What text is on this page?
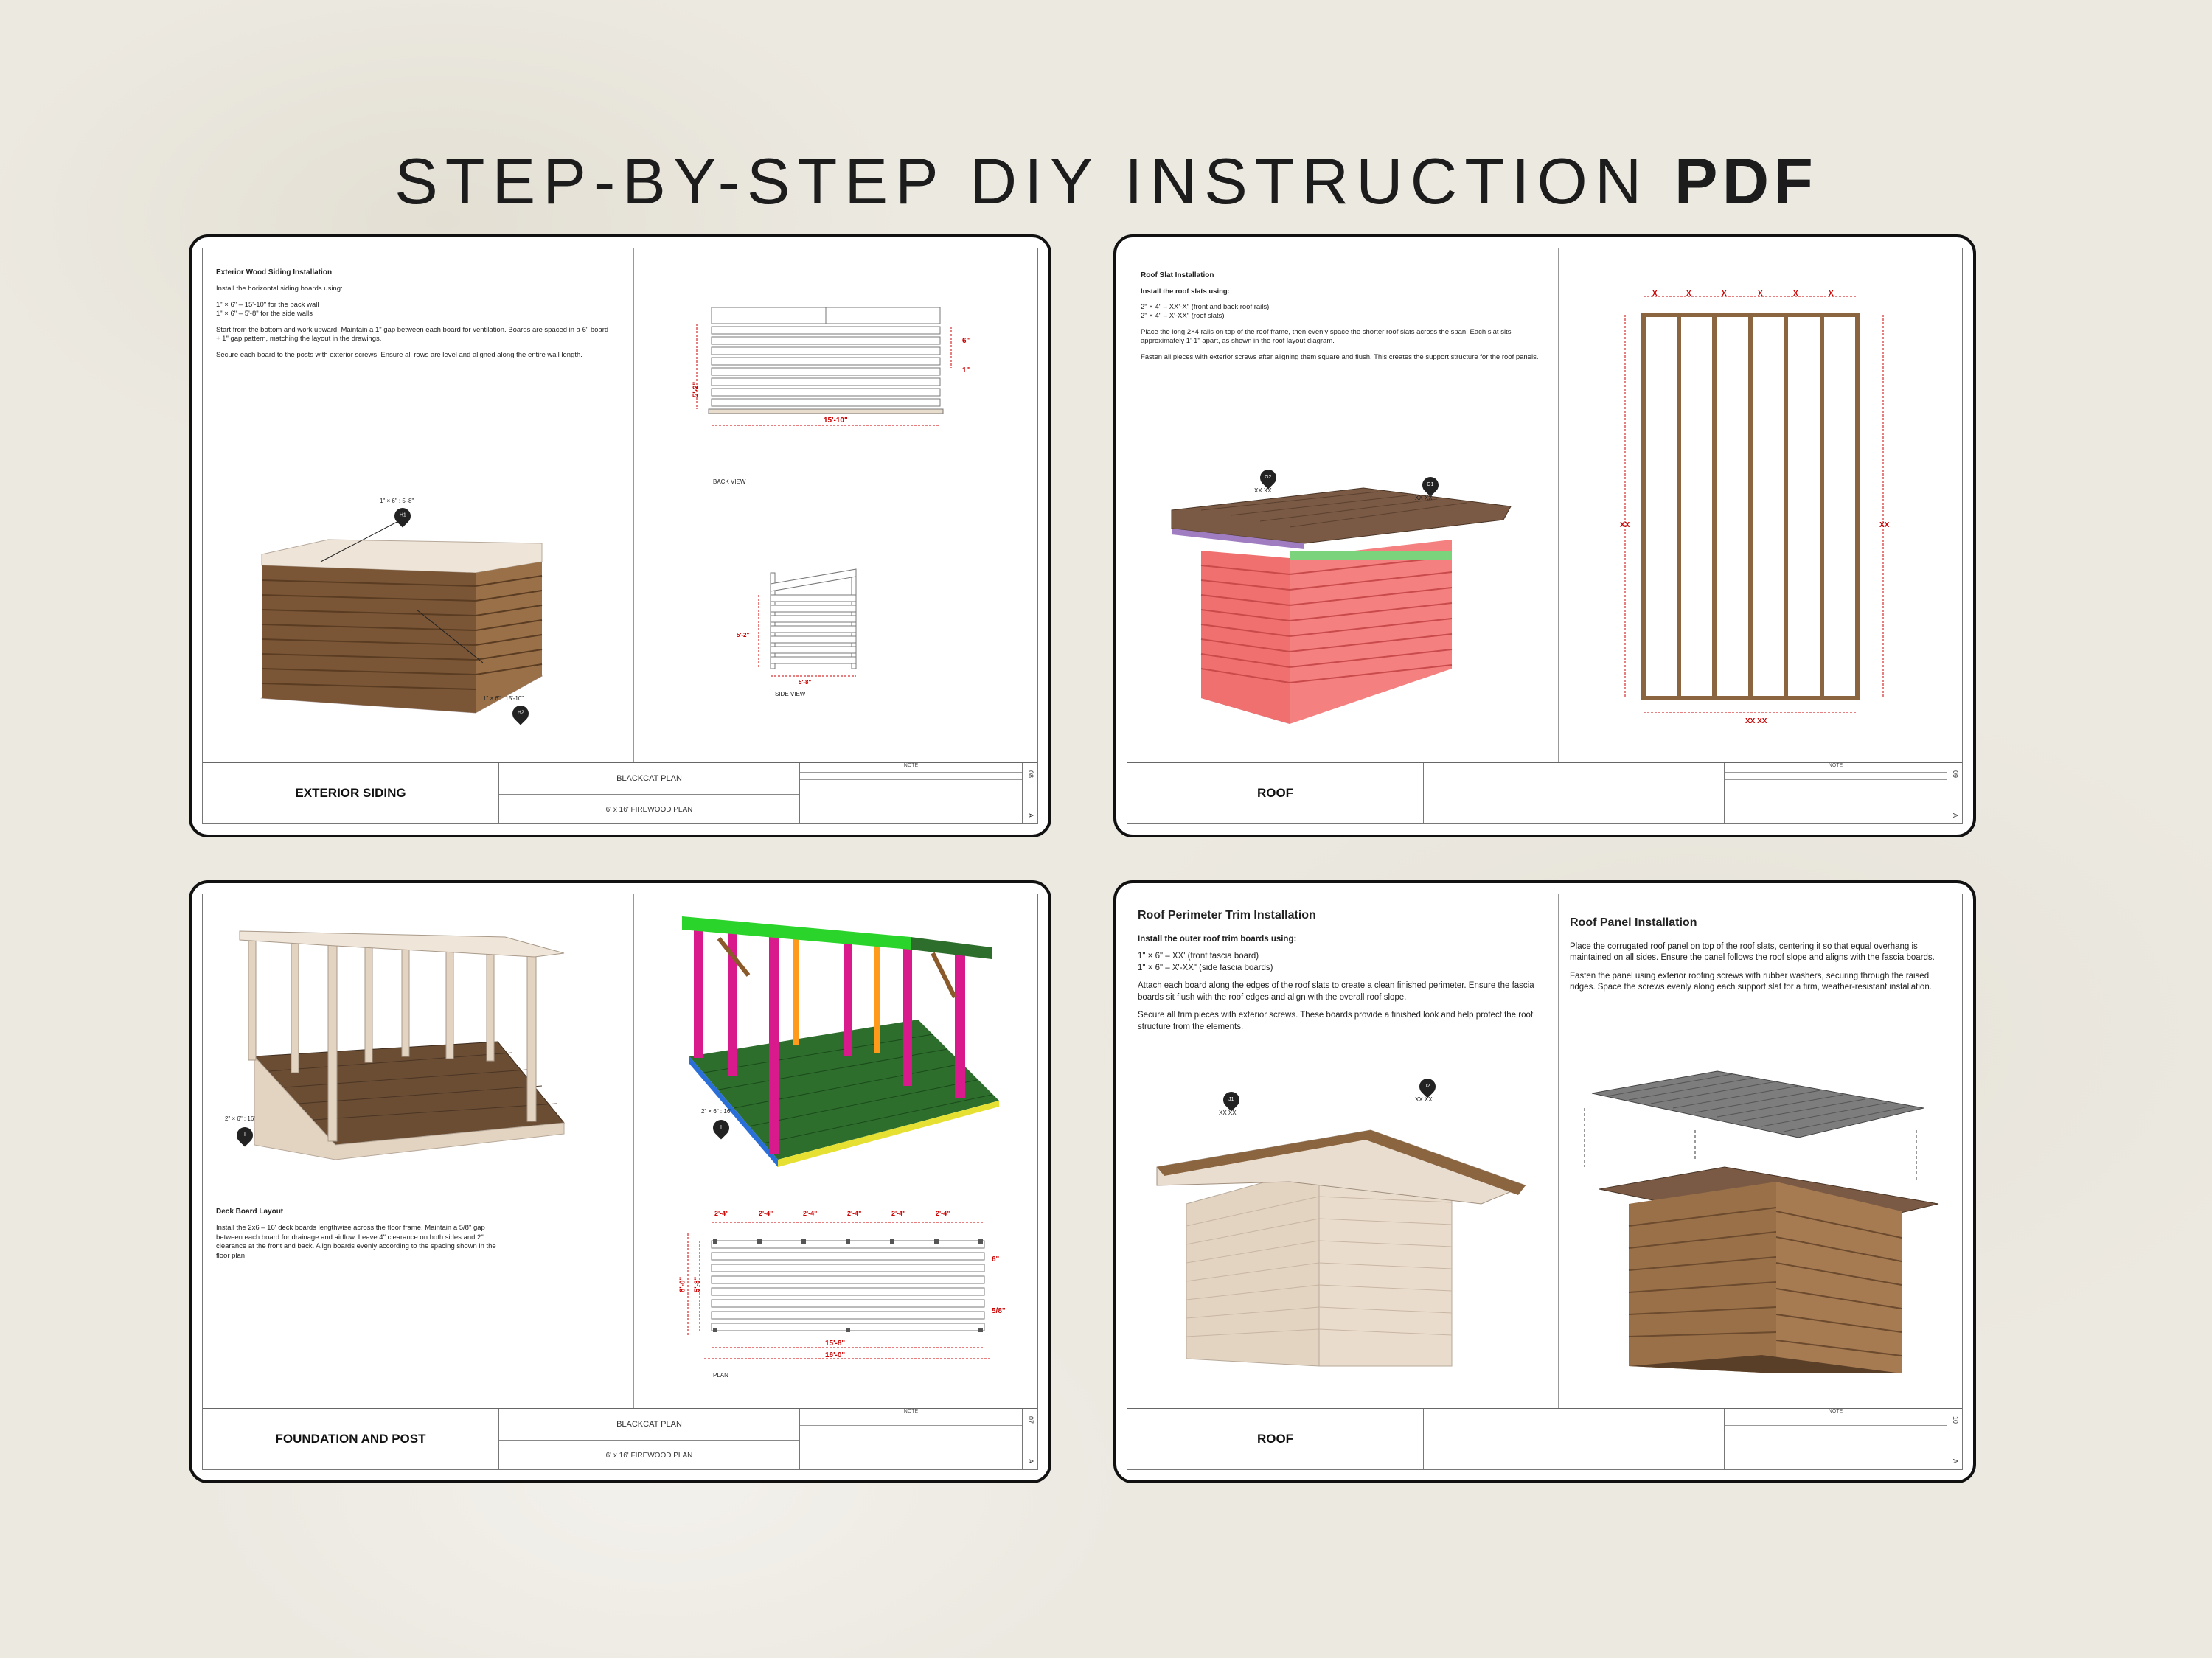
STEP-BY-STEP DIY INSTRUCTION PDF
Exterior Wood Siding Installation

Install the horizontal siding boards using:

1" × 6" – 15'-10" for the back wall
1" × 6" – 5'-8" for the side walls

Start from the bottom and work upward. Maintain a 1" gap between each board for ventilation. Boards are spaced in a 6" board + 1" gap pattern, matching the layout in the drawings.

Secure each board to the posts with exterior screws. Ensure all rows are level and aligned along the entire wall length.

1" × 6" : 5'-8"
H1
1" × 6" : 15'-10"
H2
5'-2"
15'-10"
6"
1"
BACK VIEW
5'-2"
5'-8"
SIDE VIEW
EXTERIOR SIDING
BLACKCAT PLAN
6' x 16' FIREWOOD PLAN
NOTE
08
A
Roof Slat Installation

Install the roof slats using:

2" × 4" – XX'-X" (front and back roof rails)
2" × 4" – X'-XX" (roof slats)

Place the long 2×4 rails on top of the roof frame, then evenly space the shorter roof slats across the span. Each slat sits approximately 1'-1" apart, as shown in the roof layout diagram.

Fasten all pieces with exterior screws after aligning them square and flush. This creates the support structure for the roof panels.

G2
XX XX
G1
XX XX
X	X	X	X	X	X
XX	XX
XX XX
ROOF
NOTE
09
A
2" × 6" : 16'
I
Deck Board Layout

Install the 2x6 – 16' deck boards lengthwise across the floor frame. Maintain a 5/8" gap between each board for drainage and airflow. Leave 4" clearance on both sides and 2" clearance at the front and back. Align boards evenly according to the spacing shown in the floor plan.

2" × 6" : 16'
I
2'-4"	2'-4"	2'-4"	2'-4"	2'-4"	2'-4"
15'-8"
16'-0"
6'-0" 5'-8"
6"
5/8"
PLAN
FOUNDATION AND POST
BLACKCAT PLAN
6' x 16' FIREWOOD PLAN
NOTE
07
A
Roof Perimeter Trim Installation

Install the outer roof trim boards using:

1" × 6" – XX' (front fascia board)
1" × 6" – X'-XX" (side fascia boards)

Attach each board along the edges of the roof slats to create a clean finished perimeter. Ensure the fascia boards sit flush with the roof edges and align with the overall roof slope.

Secure all trim pieces with exterior screws. These boards provide a finished look and help protect the roof structure from the elements.

Roof Panel Installation

Place the corrugated roof panel on top of the roof slats, centering it so that equal overhang is maintained on all sides. Ensure the panel follows the roof slope and aligns with the fascia boards.

Fasten the panel using exterior roofing screws with rubber washers, securing through the raised ridges. Space the screws evenly along each support slat for a firm, weather-resistant installation.

J1
XX XX
J2
XX XX
ROOF
NOTE
10
A
